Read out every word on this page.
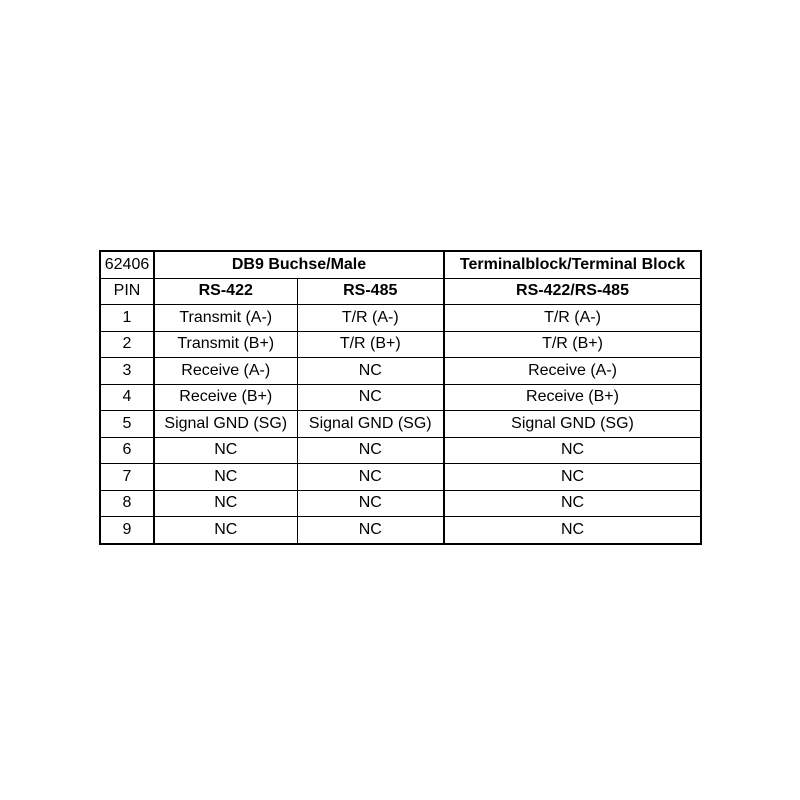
62406	DB9 Buchse/Male		Terminalblock/Terminal Block
PIN	RS-422	RS-485	RS-422/RS-485
1	Transmit (A-)	T/R (A-)	T/R (A-)
2	Transmit (B+)	T/R (B+)	T/R (B+)
3	Receive (A-)	NC	Receive (A-)
4	Receive (B+)	NC	Receive (B+)
5	Signal GND (SG)	Signal GND (SG)	Signal GND (SG)
6	NC	NC	NC
7	NC	NC	NC
8	NC	NC	NC
9	NC	NC	NC
